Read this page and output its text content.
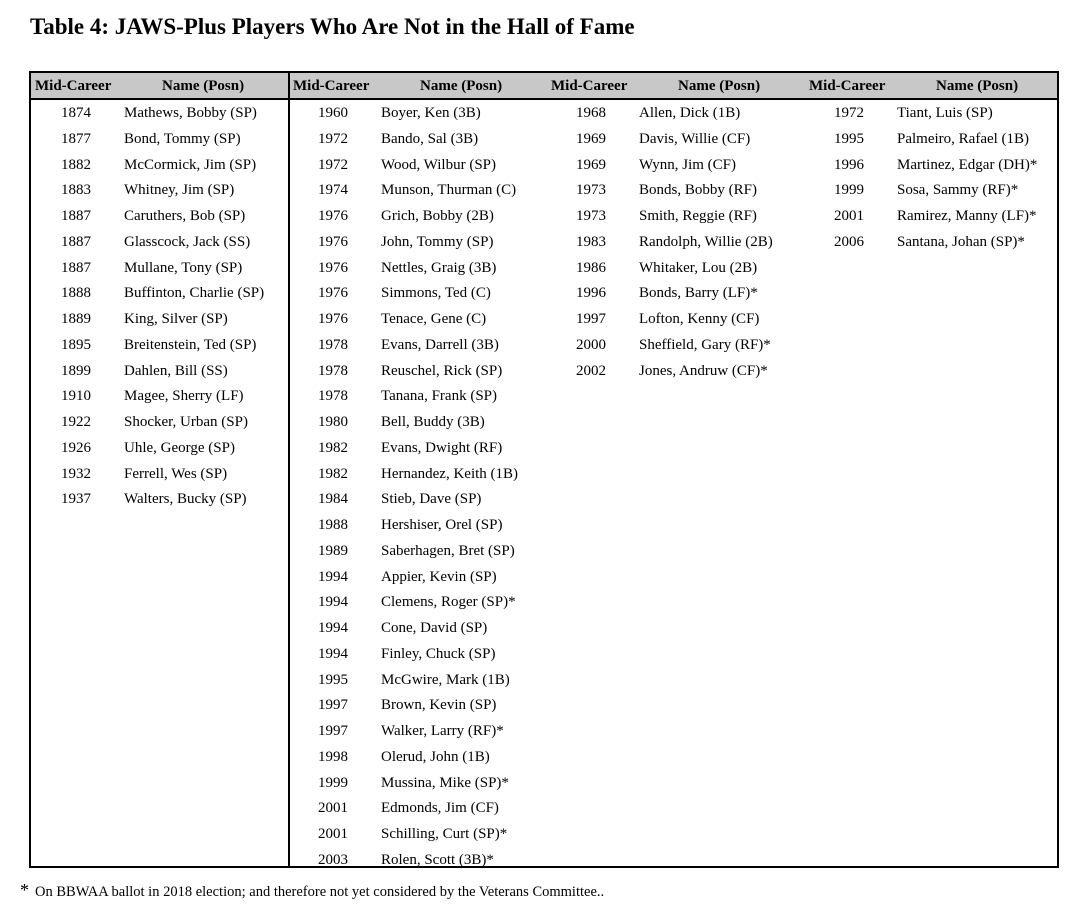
Table 4: JAWS-Plus Players Who Are Not in the Hall of Fame
Mid-Career	Name (Posn)
1874	Mathews, Bobby (SP)
1877	Bond, Tommy (SP)
1882	McCormick, Jim (SP)
1883	Whitney, Jim (SP)
1887	Caruthers, Bob (SP)
1887	Glasscock, Jack (SS)
1887	Mullane, Tony (SP)
1888	Buffinton, Charlie (SP)
1889	King, Silver (SP)
1895	Breitenstein, Ted (SP)
1899	Dahlen, Bill (SS)
1910	Magee, Sherry (LF)
1922	Shocker, Urban (SP)
1926	Uhle, George (SP)
1932	Ferrell, Wes (SP)
1937	Walters, Bucky (SP)
Mid-Career	Name (Posn)
1960	Boyer, Ken (3B)
1972	Bando, Sal (3B)
1972	Wood, Wilbur (SP)
1974	Munson, Thurman (C)
1976	Grich, Bobby (2B)
1976	John, Tommy (SP)
1976	Nettles, Graig (3B)
1976	Simmons, Ted (C)
1976	Tenace, Gene (C)
1978	Evans, Darrell (3B)
1978	Reuschel, Rick (SP)
1978	Tanana, Frank (SP)
1980	Bell, Buddy (3B)
1982	Evans, Dwight (RF)
1982	Hernandez, Keith (1B)
1984	Stieb, Dave (SP)
1988	Hershiser, Orel (SP)
1989	Saberhagen, Bret (SP)
1994	Appier, Kevin (SP)
1994	Clemens, Roger (SP)*
1994	Cone, David (SP)
1994	Finley, Chuck (SP)
1995	McGwire, Mark (1B)
1997	Brown, Kevin (SP)
1997	Walker, Larry (RF)*
1998	Olerud, John (1B)
1999	Mussina, Mike (SP)*
2001	Edmonds, Jim (CF)
2001	Schilling, Curt (SP)*
2003	Rolen, Scott (3B)*
Mid-Career	Name (Posn)
1968	Allen, Dick (1B)
1969	Davis, Willie (CF)
1969	Wynn, Jim (CF)
1973	Bonds, Bobby (RF)
1973	Smith, Reggie (RF)
1983	Randolph, Willie (2B)
1986	Whitaker, Lou (2B)
1996	Bonds, Barry (LF)*
1997	Lofton, Kenny (CF)
2000	Sheffield, Gary (RF)*
2002	Jones, Andruw (CF)*
Mid-Career	Name (Posn)
1972	Tiant, Luis (SP)
1995	Palmeiro, Rafael (1B)
1996	Martinez, Edgar (DH)*
1999	Sosa, Sammy (RF)*
2001	Ramirez, Manny (LF)*
2006	Santana, Johan (SP)*
* On BBWAA ballot in 2018 election; and therefore not yet considered by the Veterans Committee..
